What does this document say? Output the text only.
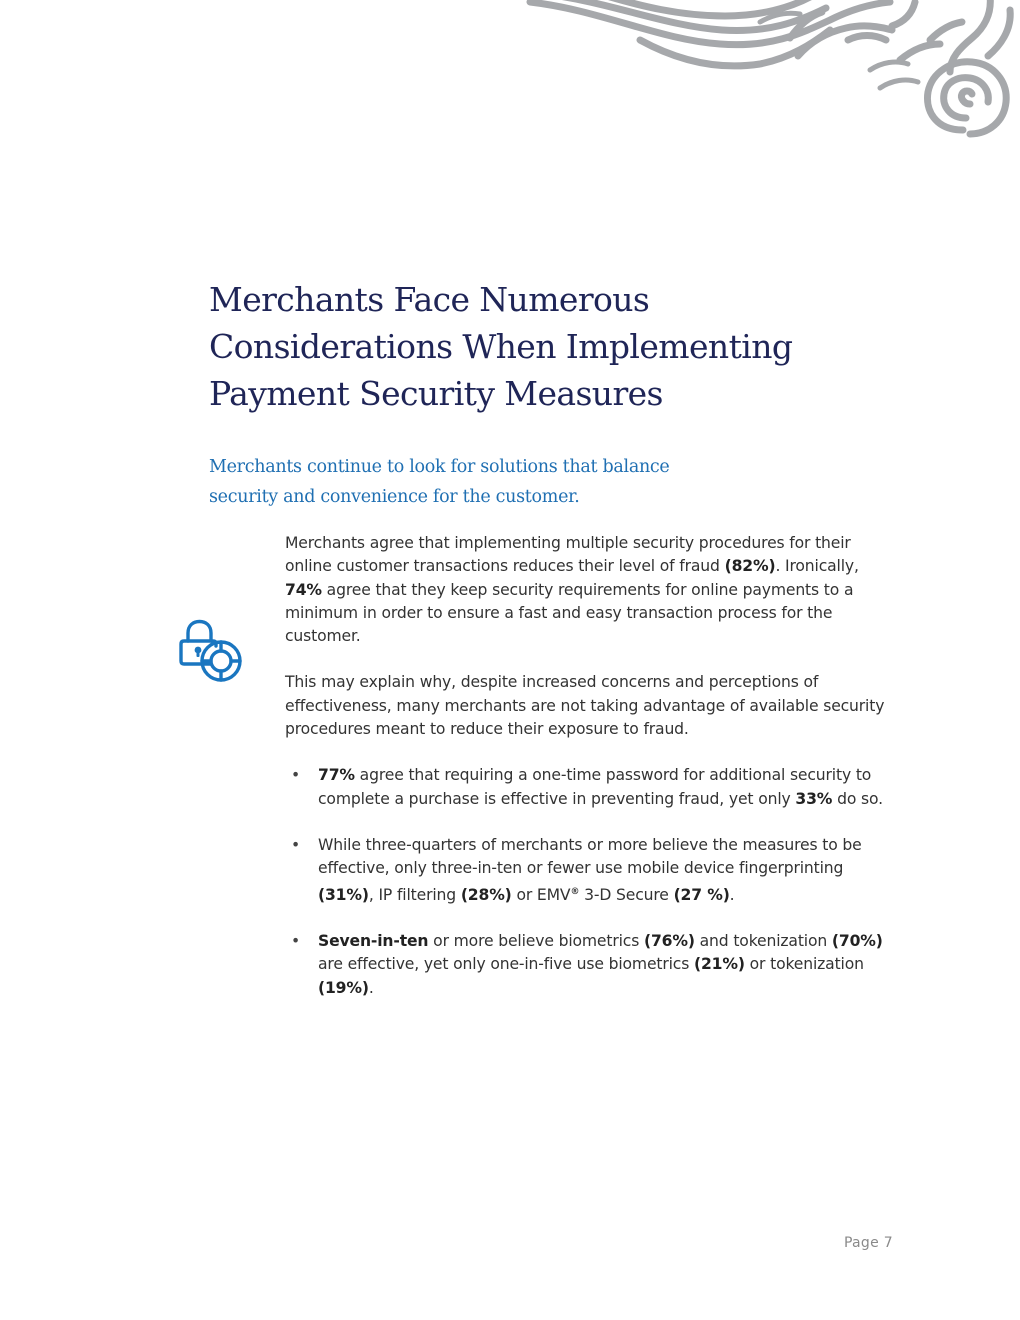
Merchants Face Numerous
Considerations When Implementing
Payment Security Measures
Merchants continue to look for solutions that balance
security and convenience for the customer.

Merchants agree that implementing multiple security procedures for their online customer transactions reduces their level of fraud (82%). Ironically, 74% agree that they keep security requirements for online payments to a minimum in order to ensure a fast and easy transaction process for the customer.

This may explain why, despite increased concerns and perceptions of effectiveness, many merchants are not taking advantage of available security procedures meant to reduce their exposure to fraud.

• 77% agree that requiring a one-time password for additional security to complete a purchase is effective in preventing fraud, yet only 33% do so.
• While three-quarters of merchants or more believe the measures to be effective, only three-in-ten or fewer use mobile device fingerprinting (31%), IP filtering (28%) or EMV® 3-D Secure (27 %).
• Seven-in-ten or more believe biometrics (76%) and tokenization (70%) are effective, yet only one-in-five use biometrics (21%) or tokenization (19%).
Page 7
